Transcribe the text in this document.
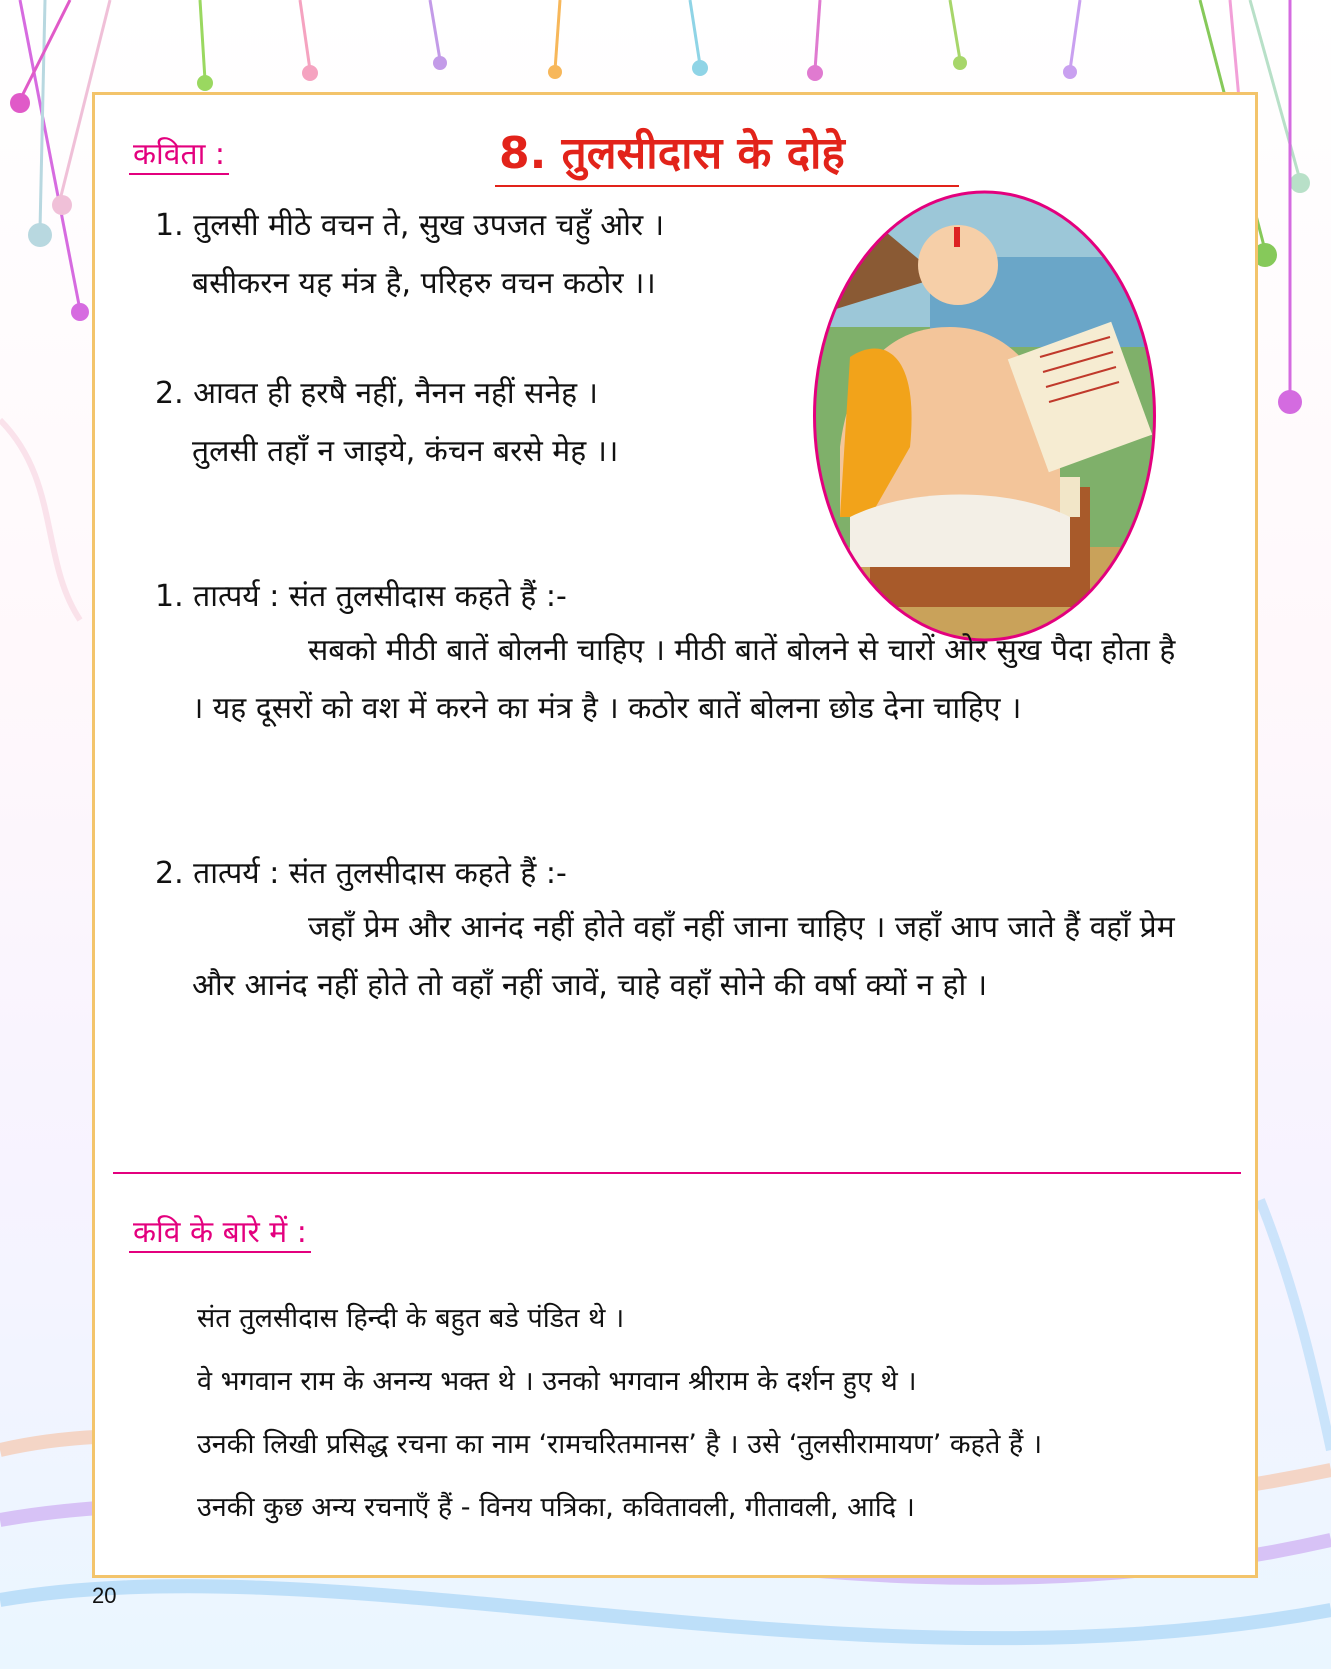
कविता :	8. तुलसीदास के दोहे
1. तुलसी मीठे वचन ते, सुख उपजत चहुँ ओर ।
बसीकरन यह मंत्र है, परिहरु वचन कठोर ।।
2. आवत ही हरषै नहीं, नैनन नहीं सनेह ।
तुलसी तहाँ न जाइये, कंचन बरसे मेह ।।
1. तात्पर्य : संत तुलसीदास कहते हैं :-
सबको मीठी बातें बोलनी चाहिए । मीठी बातें बोलने से चारों ओर सुख पैदा होता है । यह दूसरों को वश में करने का मंत्र है । कठोर बातें बोलना छोड देना चाहिए ।
2. तात्पर्य : संत तुलसीदास कहते हैं :-
जहाँ प्रेम और आनंद नहीं होते वहाँ नहीं जाना चाहिए । जहाँ आप जाते हैं वहाँ प्रेम और आनंद नहीं होते तो वहाँ नहीं जावें, चाहे वहाँ सोने की वर्षा क्यों न हो ।
कवि के बारे में :
संत तुलसीदास हिन्दी के बहुत बडे पंडित थे ।
वे भगवान राम के अनन्य भक्त थे । उनको भगवान श्रीराम के दर्शन हुए थे ।
उनकी लिखी प्रसिद्ध रचना का नाम ‘रामचरितमानस’ है । उसे ‘तुलसीरामायण’ कहते हैं ।
उनकी कुछ अन्य रचनाएँ हैं - विनय पत्रिका, कवितावली, गीतावली, आदि ।
20
